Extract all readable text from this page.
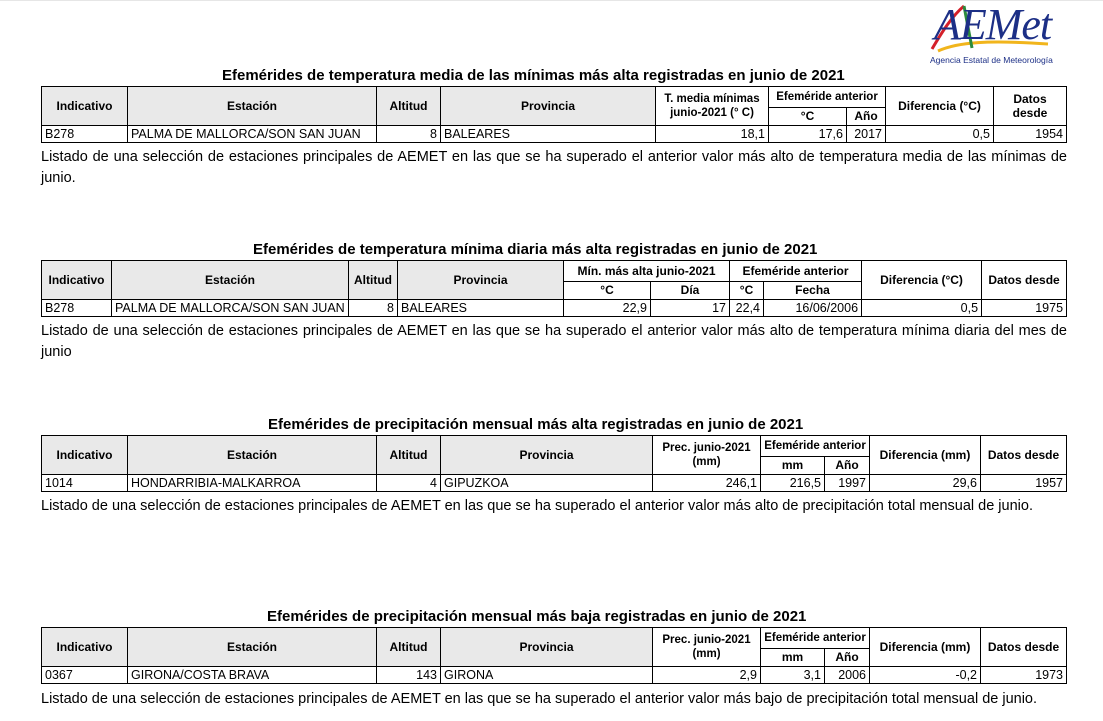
AEMet
Agencia Estatal de Meteorología
Efemérides de temperatura media de las mínimas más alta registradas en junio de 2021
Indicativo	Estación	Altitud	Provincia	T. media mínimas junio-2021 (° C)	Efeméride anterior		Diferencia (°C)	Datos desde
					°C	Año		
B278	PALMA DE MALLORCA/SON SAN JUAN	8	BALEARES	18,1	17,6	2017	0,5	1954
Listado de una selección de estaciones principales de AEMET en las que se ha superado el anterior valor más alto de temperatura media de las mínimas de junio.
Efemérides de temperatura mínima diaria más alta registradas en junio de 2021
Indicativo	Estación	Altitud	Provincia	Mín. más alta junio-2021		Efeméride anterior		Diferencia (°C)	Datos desde
				°C	Día	°C	Fecha		
B278	PALMA DE MALLORCA/SON SAN JUAN	8	BALEARES	22,9	17	22,4	16/06/2006	0,5	1975
Listado de una selección de estaciones principales de AEMET en las que se ha superado el anterior valor más alto de temperatura mínima diaria del mes de junio
Efemérides de precipitación mensual más alta registradas en junio de 2021
Indicativo	Estación	Altitud	Provincia	Prec. junio-2021 (mm)	Efeméride anterior		Diferencia (mm)	Datos desde
					mm	Año		
1014	HONDARRIBIA-MALKARROA	4	GIPUZKOA	246,1	216,5	1997	29,6	1957
Listado de una selección de estaciones principales de AEMET en las que se ha superado el anterior valor más alto de precipitación total mensual de junio.
Efemérides de precipitación mensual más baja registradas en junio de 2021
Indicativo	Estación	Altitud	Provincia	Prec. junio-2021 (mm)	Efeméride anterior		Diferencia (mm)	Datos desde
					mm	Año		
0367	GIRONA/COSTA BRAVA	143	GIRONA	2,9	3,1	2006	-0,2	1973
Listado de una selección de estaciones principales de AEMET en las que se ha superado el anterior valor más bajo de precipitación total mensual de junio.
